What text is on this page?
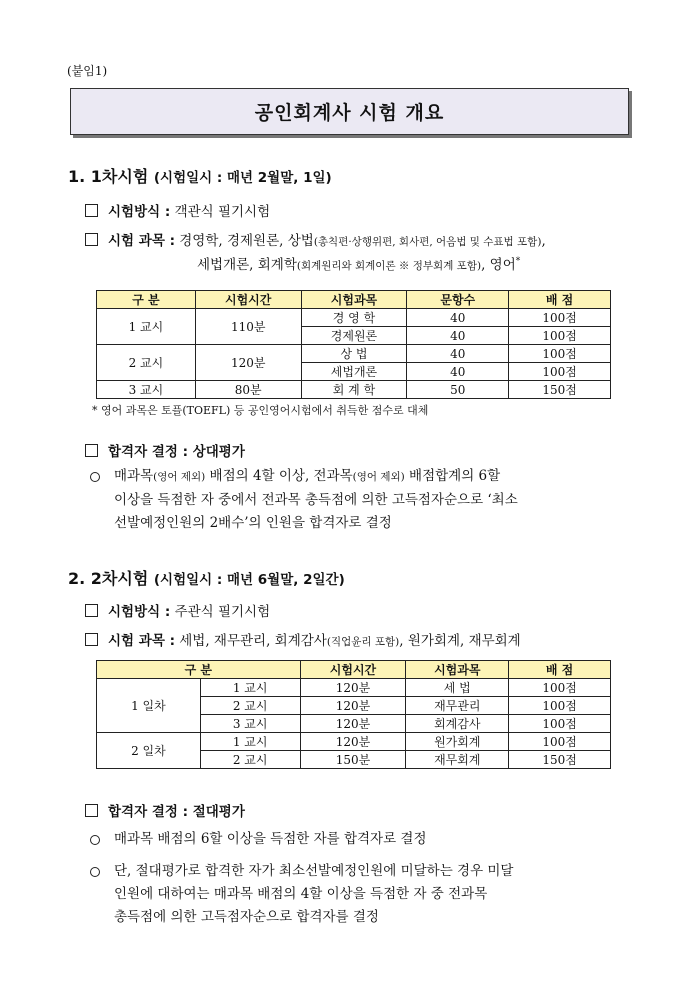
(붙임1)
공인회계사 시험 개요
1. 1차시험 (시험일시 : 매년 2월말, 1일)
시험방식 : 객관식 필기시험
시험 과목 : 경영학, 경제원론, 상법(총칙편·상행위편, 회사편, 어음법 및 수표법 포함),
세법개론, 회계학(회계원리와 회계이론 ※ 정부회계 포함), 영어*
구 분	시험시간	시험과목	문항수	배 점
1 교시	110분	경 영 학	40	100점
		경제원론	40	100점
2 교시	120분	상 법	40	100점
		세법개론	40	100점
3 교시	80분	회 계 학	50	150점
* 영어 과목은 토플(TOEFL) 등 공인영어시험에서 취득한 점수로 대체
합격자 결정 : 상대평가
매과목(영어 제외) 배점의 4할 이상, 전과목(영어 제외) 배점합계의 6할
이상을 득점한 자 중에서 전과목 총득점에 의한 고득점자순으로 ‘최소
선발예정인원의 2배수’의 인원을 합격자로 결정
2. 2차시험 (시험일시 : 매년 6월말, 2일간)
시험방식 : 주관식 필기시험
시험 과목 : 세법, 재무관리, 회계감사(직업윤리 포함), 원가회계, 재무회계
구 분		시험시간	시험과목	배 점
1 일차	1 교시	120분	세 법	100점
	2 교시	120분	재무관리	100점
	3 교시	120분	회계감사	100점
2 일차	1 교시	120분	원가회계	100점
	2 교시	150분	재무회계	150점
합격자 결정 : 절대평가
매과목 배점의 6할 이상을 득점한 자를 합격자로 결정
단, 절대평가로 합격한 자가 최소선발예정인원에 미달하는 경우 미달
인원에 대하여는 매과목 배점의 4할 이상을 득점한 자 중 전과목
총득점에 의한 고득점자순으로 합격자를 결정
